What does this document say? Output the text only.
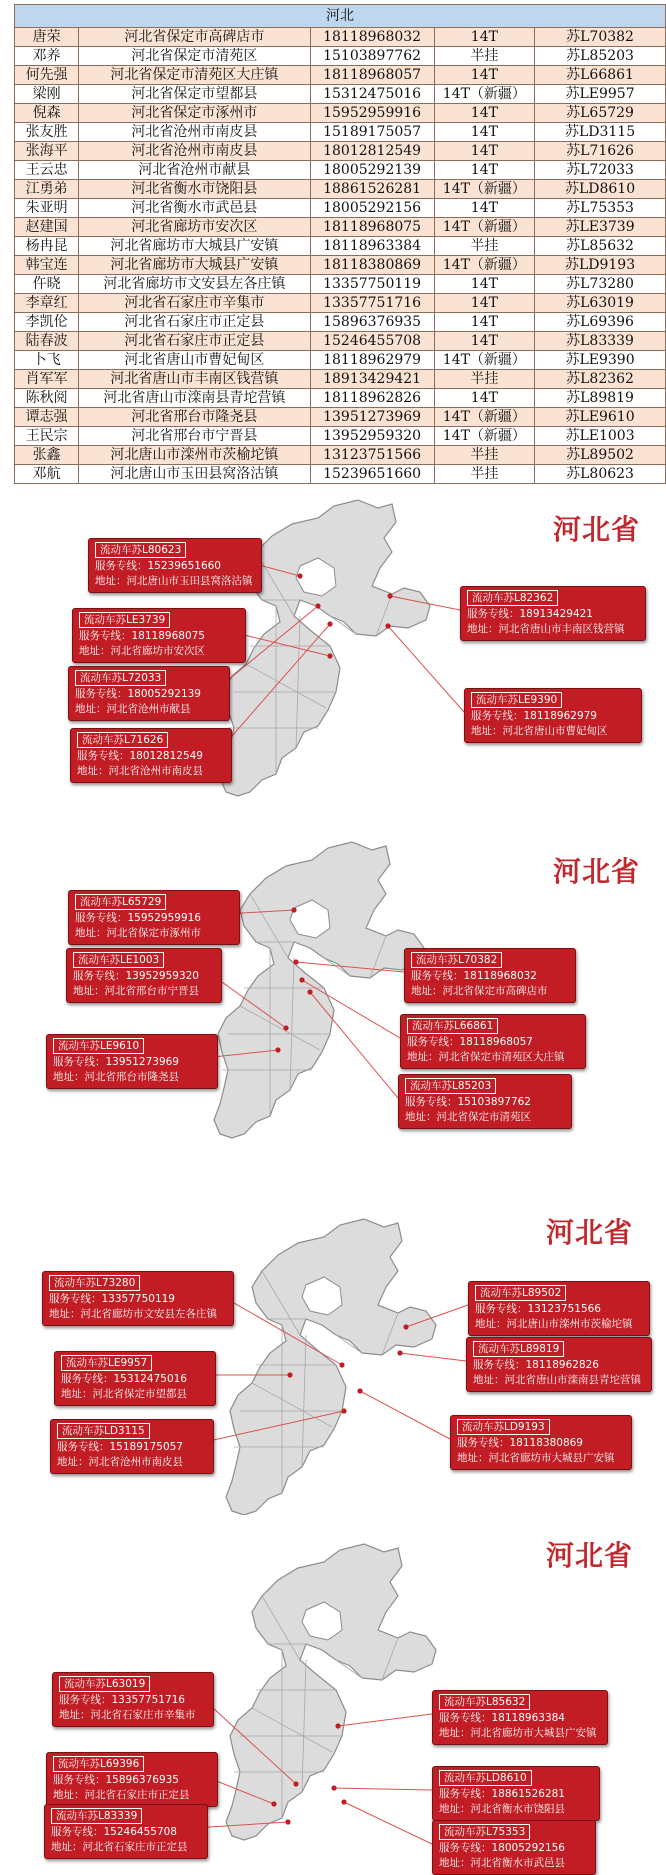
河北				
唐荣	河北省保定市高碑店市	18118968032	14T	苏L70382
邓养	河北省保定市清苑区	15103897762	半挂	苏L85203
何先强	河北省保定市清苑区大庄镇	18118968057	14T	苏L66861
梁刚	河北省保定市望都县	15312475016	14T（新疆）	苏LE9957
倪森	河北省保定市涿州市	15952959916	14T	苏L65729
张友胜	河北省沧州市南皮县	15189175057	14T	苏LD3115
张海平	河北省沧州市南皮县	18012812549	14T	苏L71626
王云忠	河北省沧州市献县	18005292139	14T	苏L72033
江勇弟	河北省衡水市饶阳县	18861526281	14T（新疆）	苏LD8610
朱亚明	河北省衡水市武邑县	18005292156	14T	苏L75353
赵建国	河北省廊坊市安次区	18118968075	14T（新疆）	苏LE3739
杨冉昆	河北省廊坊市大城县广安镇	18118963384	半挂	苏L85632
韩宝连	河北省廊坊市大城县广安镇	18118380869	14T（新疆）	苏LD9193
仵晓	河北省廊坊市文安县左各庄镇	13357750119	14T	苏L73280
李章红	河北省石家庄市辛集市	13357751716	14T	苏L63019
李凯伦	河北省石家庄市正定县	15896376935	14T	苏L69396
陆春波	河北省石家庄市正定县	15246455708	14T	苏L83339
卜飞	河北省唐山市曹妃甸区	18118962979	14T（新疆）	苏LE9390
肖军军	河北省唐山市丰南区钱营镇	18913429421	半挂	苏L82362
陈秋阅	河北省唐山市滦南县青坨营镇	18118962826	14T	苏L89819
谭志强	河北省邢台市隆尧县	13951273969	14T（新疆）	苏LE9610
王民宗	河北省邢台市宁晋县	13952959320	14T（新疆）	苏LE1003
张鑫	河北唐山市滦州市茨榆坨镇	13123751566	半挂	苏L89502
邓航	河北唐山市玉田县窝洛沽镇	15239651660	半挂	苏L80623
河北省
流动车苏L80623
服务专线：15239651660
地址：河北唐山市玉田县窝洛沽镇
流动车苏LE3739
服务专线：18118968075
地址：河北省廊坊市安次区
流动车苏L72033
服务专线：18005292139
地址：河北省沧州市献县
流动车苏L71626
服务专线：18012812549
地址：河北省沧州市南皮县
流动车苏L82362
服务专线：18913429421
地址：河北省唐山市丰南区钱营镇
流动车苏LE9390
服务专线：18118962979
地址：河北省唐山市曹妃甸区
河北省
流动车苏L65729
服务专线：15952959916
地址：河北省保定市涿州市
流动车苏LE1003
服务专线：13952959320
地址：河北省邢台市宁晋县
流动车苏LE9610
服务专线：13951273969
地址：河北省邢台市隆尧县
流动车苏L70382
服务专线：18118968032
地址：河北省保定市高碑店市
流动车苏L66861
服务专线：18118968057
地址：河北省保定市清苑区大庄镇
流动车苏L85203
服务专线：15103897762
地址：河北省保定市清苑区
河北省
流动车苏L73280
服务专线：13357750119
地址：河北省廊坊市文安县左各庄镇
流动车苏LE9957
服务专线：15312475016
地址：河北省保定市望都县
流动车苏LD3115
服务专线：15189175057
地址：河北省沧州市南皮县
流动车苏L89502
服务专线：13123751566
地址：河北唐山市滦州市茨榆坨镇
流动车苏L89819
服务专线：18118962826
地址：河北省唐山市滦南县青坨营镇
流动车苏LD9193
服务专线：18118380869
地址：河北省廊坊市大城县广安镇
河北省
流动车苏L63019
服务专线：13357751716
地址：河北省石家庄市辛集市
流动车苏L69396
服务专线：15896376935
地址：河北省石家庄市正定县
流动车苏L83339
服务专线：15246455708
地址：河北省石家庄市正定县
流动车苏L85632
服务专线：18118963384
地址：河北省廊坊市大城县广安镇
流动车苏LD8610
服务专线：18861526281
地址：河北省衡水市饶阳县
流动车苏L75353
服务专线：18005292156
地址：河北省衡水市武邑县
